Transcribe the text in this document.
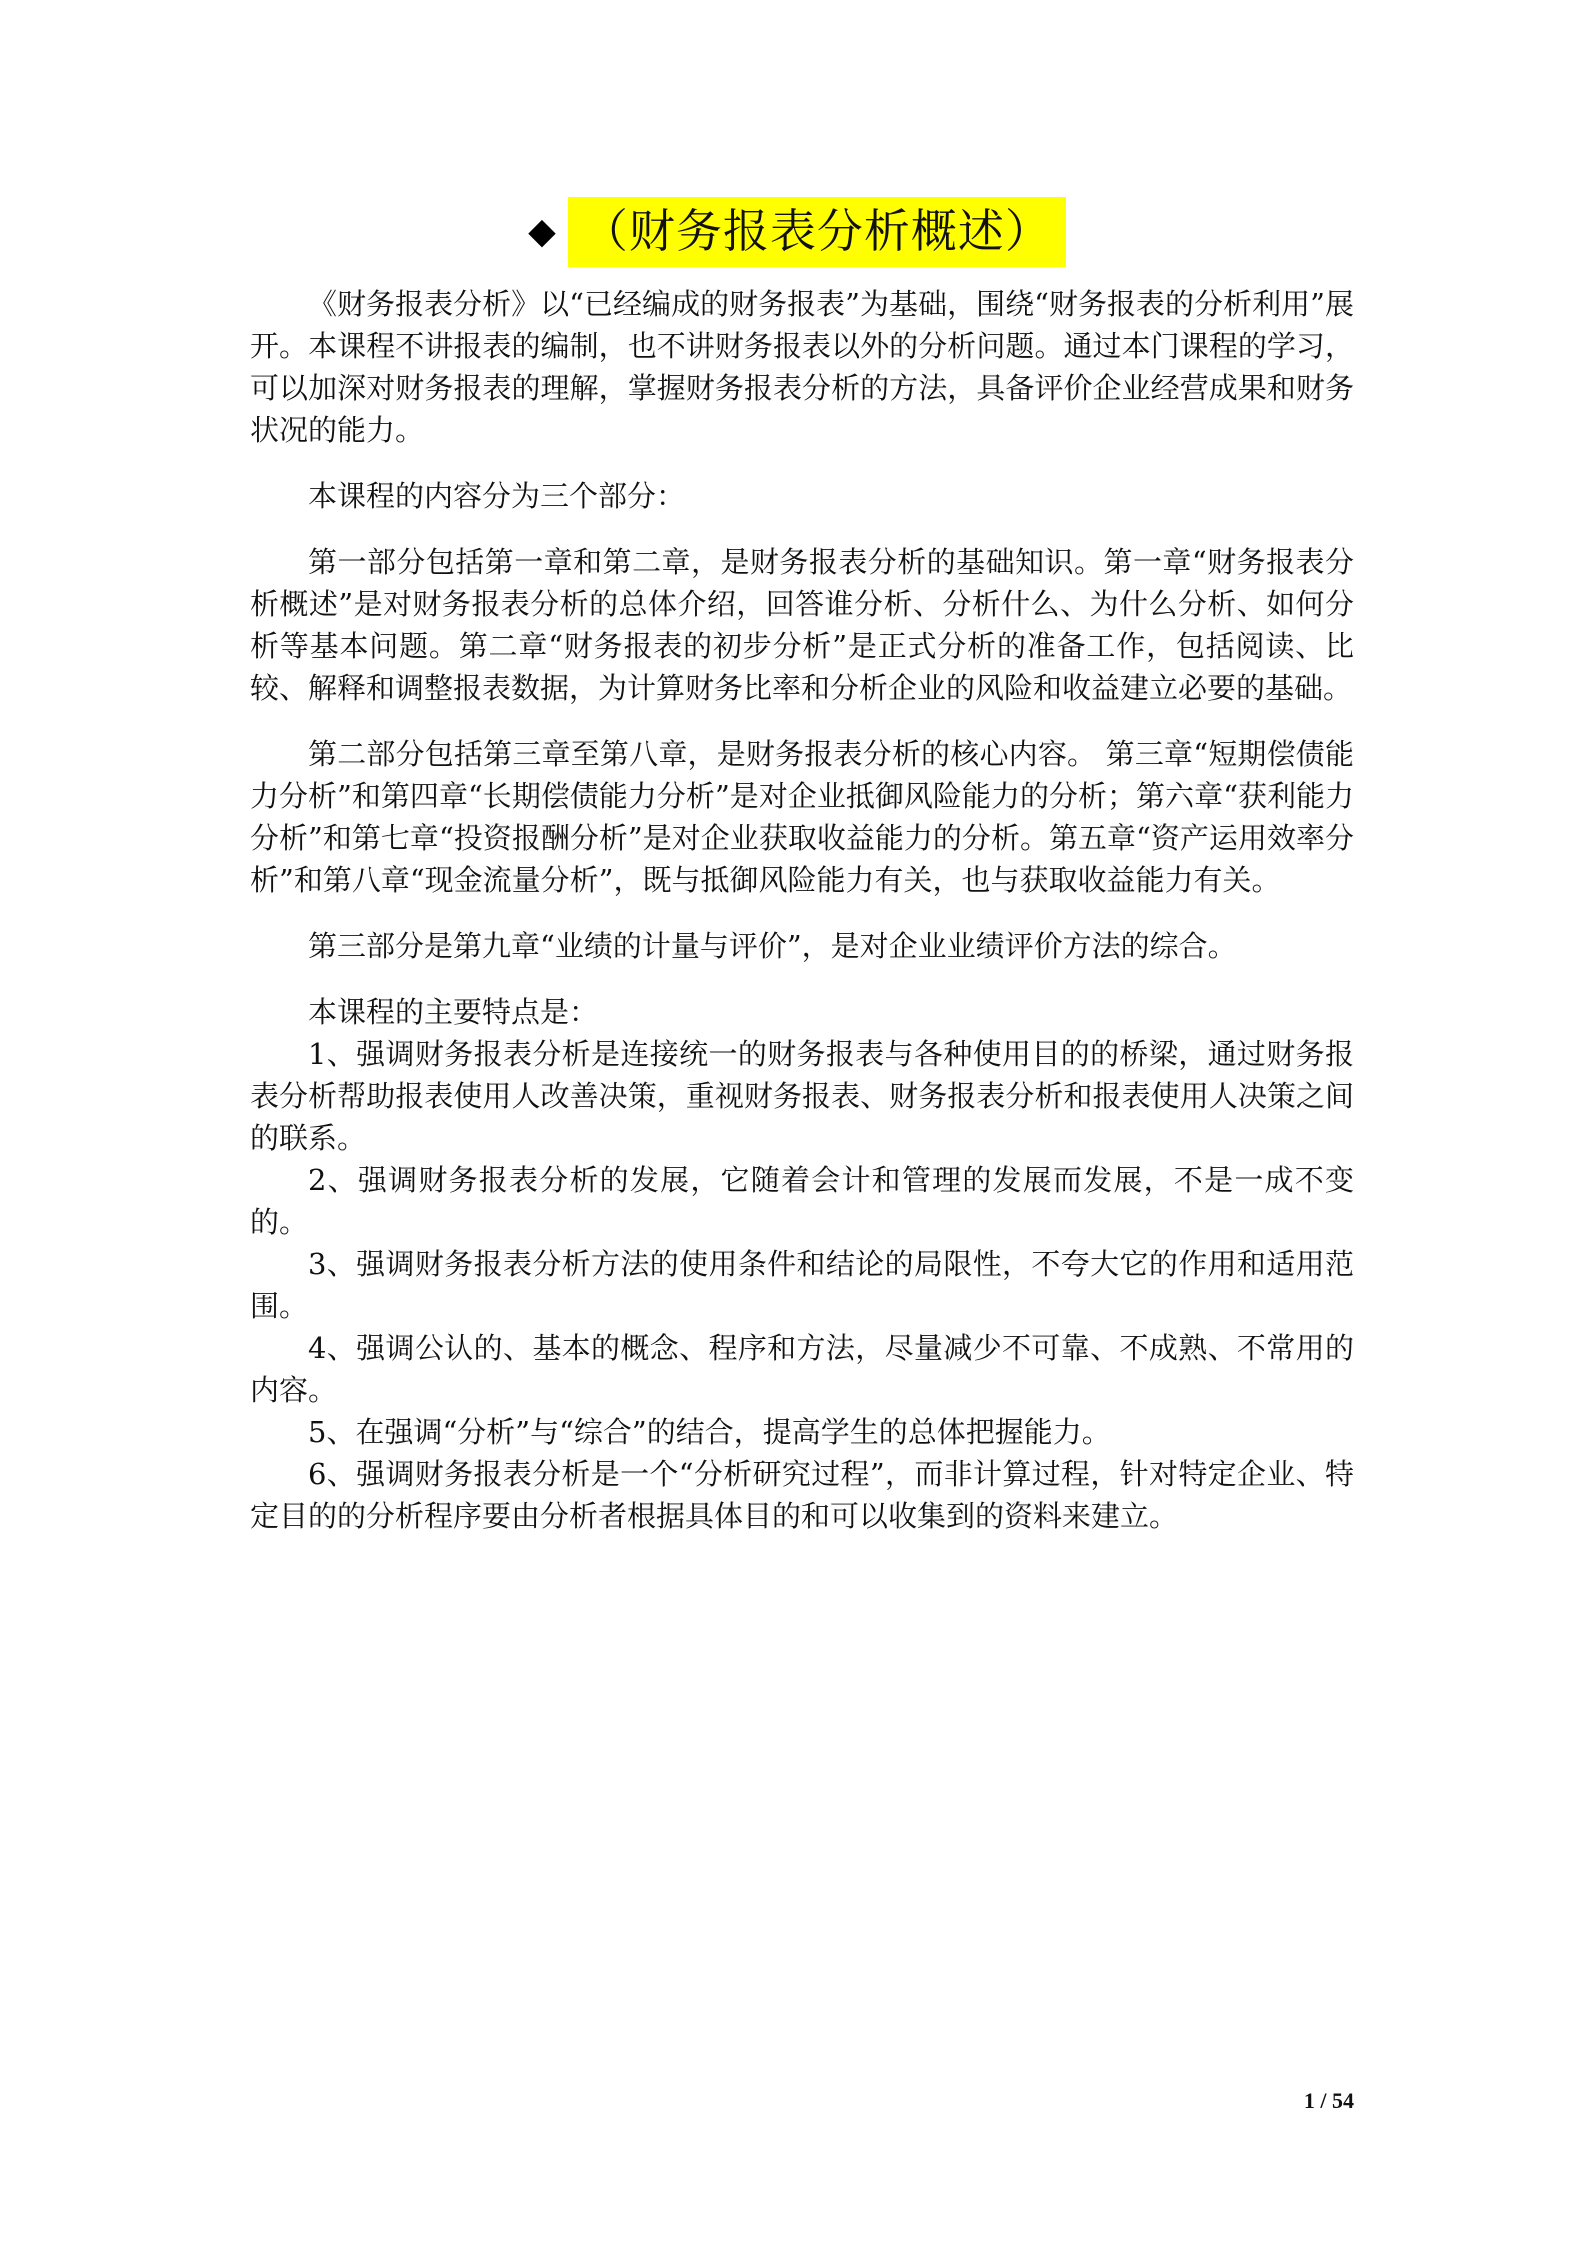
◆ （财务报表分析概述）

《财务报表分析》以“已经编成的财务报表”为基础，围绕“财务报表的分析利用”展开。本课程不讲报表的编制，也不讲财务报表以外的分析问题。通过本门课程的学习，可以加深对财务报表的理解，掌握财务报表分析的方法，具备评价企业经营成果和财务状况的能力。

本课程的内容分为三个部分：

第一部分包括第一章和第二章，是财务报表分析的基础知识。第一章“财务报表分析概述”是对财务报表分析的总体介绍，回答谁分析、分析什么、为什么分析、如何分析等基本问题。第二章“财务报表的初步分析”是正式分析的准备工作，包括阅读、比较、解释和调整报表数据，为计算财务比率和分析企业的风险和收益建立必要的基础。

第二部分包括第三章至第八章，是财务报表分析的核心内容。 第三章“短期偿债能力分析”和第四章“长期偿债能力分析”是对企业抵御风险能力的分析；第六章“获利能力分析”和第七章“投资报酬分析”是对企业获取收益能力的分析。第五章“资产运用效率分析”和第八章“现金流量分析”，既与抵御风险能力有关，也与获取收益能力有关。

第三部分是第九章“业绩的计量与评价”，是对企业业绩评价方法的综合。

本课程的主要特点是：

1、强调财务报表分析是连接统一的财务报表与各种使用目的的桥梁，通过财务报表分析帮助报表使用人改善决策，重视财务报表、财务报表分析和报表使用人决策之间的联系。
2、强调财务报表分析的发展，它随着会计和管理的发展而发展，不是一成不变的。
3、强调财务报表分析方法的使用条件和结论的局限性，不夸大它的作用和适用范围。
4、强调公认的、基本的概念、程序和方法，尽量减少不可靠、不成熟、不常用的内容。
5、在强调“分析”与“综合”的结合，提高学生的总体把握能力。
6、强调财务报表分析是一个“分析研究过程”，而非计算过程，针对特定企业、特定目的的分析程序要由分析者根据具体目的和可以收集到的资料来建立。
1 / 54
